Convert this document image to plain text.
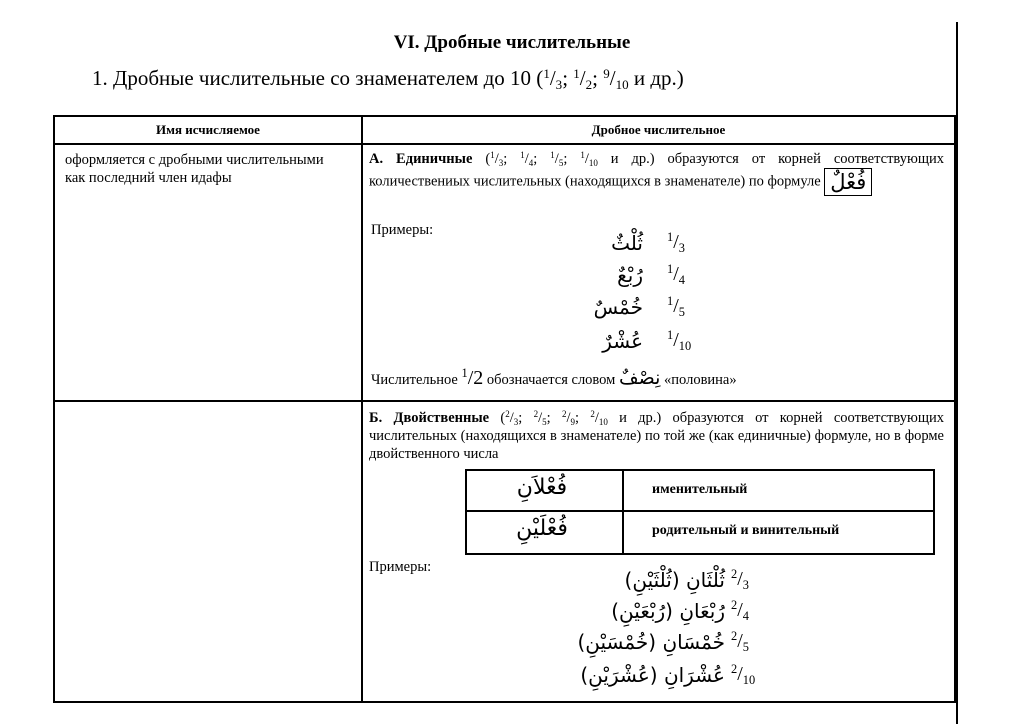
VI. Дробные числительные
1. Дробные числительные со знаменателем до 10 ($^1/_3$; $^1/_2$; $^9/_{10}$ и др.)
Имя исчисляемое	Дробное числительное
оформляется с дробными числительными как последний член идафы
А. Единичные ($^1/_3$; $^1/_4$; $^1/_5$; $^1/_{10}$ и др.) образуются от корней соответствующих количествениых числительных (находящихся в знаменателе) по формуле فُعْلٌ
Примеры:
ثُلْثٌ $^1/_3$
رُبْعٌ $^1/_4$
خُمْسٌ $^1/_5$
عُشْرٌ $^1/_{10}$
Числительное $^1$/2 обозначается словом نِصْفٌ «половина»
Б. Двойственные ($^2/_3$; $^2/_5$; $^2/_9$; $^2/_{10}$ и др.) образуются от корней соответствующих числительных (находящихся в знаменателе) по той же (как единичные) формуле, но в форме двойственного числа
فُعْلاَنِ	именительный
فُعْلَيْنِ	родительный и винительный
Примеры:
ثُلْثَانِ (ثُلْثَيْنِ) $^2/_3$
رُبْعَانِ (رُبْعَيْنِ) $^2/_4$
خُمْسَانِ (خُمْسَيْنِ) $^2/_5$
عُشْرَانِ (عُشْرَيْنِ) $^2/_{10}$
